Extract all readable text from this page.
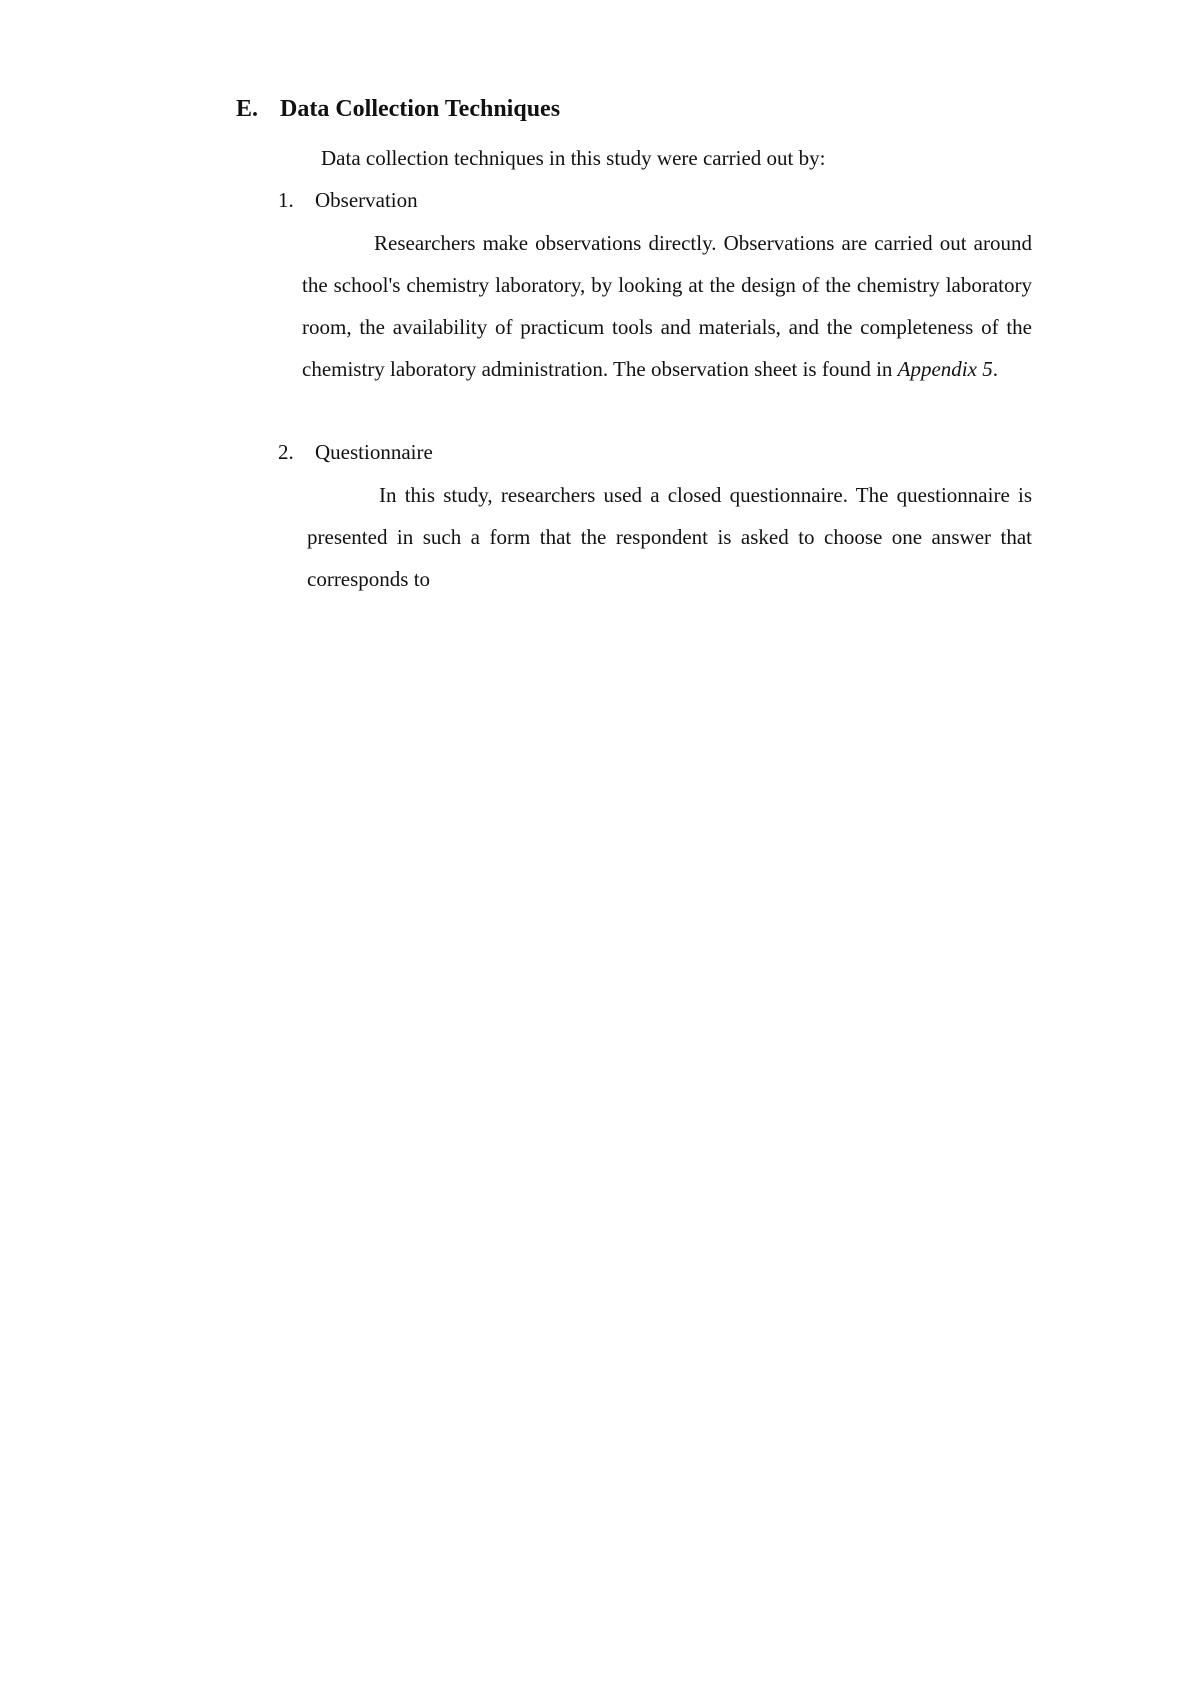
E. Data Collection Techniques
Data collection techniques in this study were carried out by:
1. Observation
Researchers make observations directly. Observations are carried out around the school's chemistry laboratory, by looking at the design of the chemistry laboratory room, the availability of practicum tools and materials, and the completeness of the chemistry laboratory administration. The observation sheet is found in Appendix 5.
2. Questionnaire
In this study, researchers used a closed questionnaire. The questionnaire is presented in such a form that the respondent is asked to choose one answer that corresponds to
